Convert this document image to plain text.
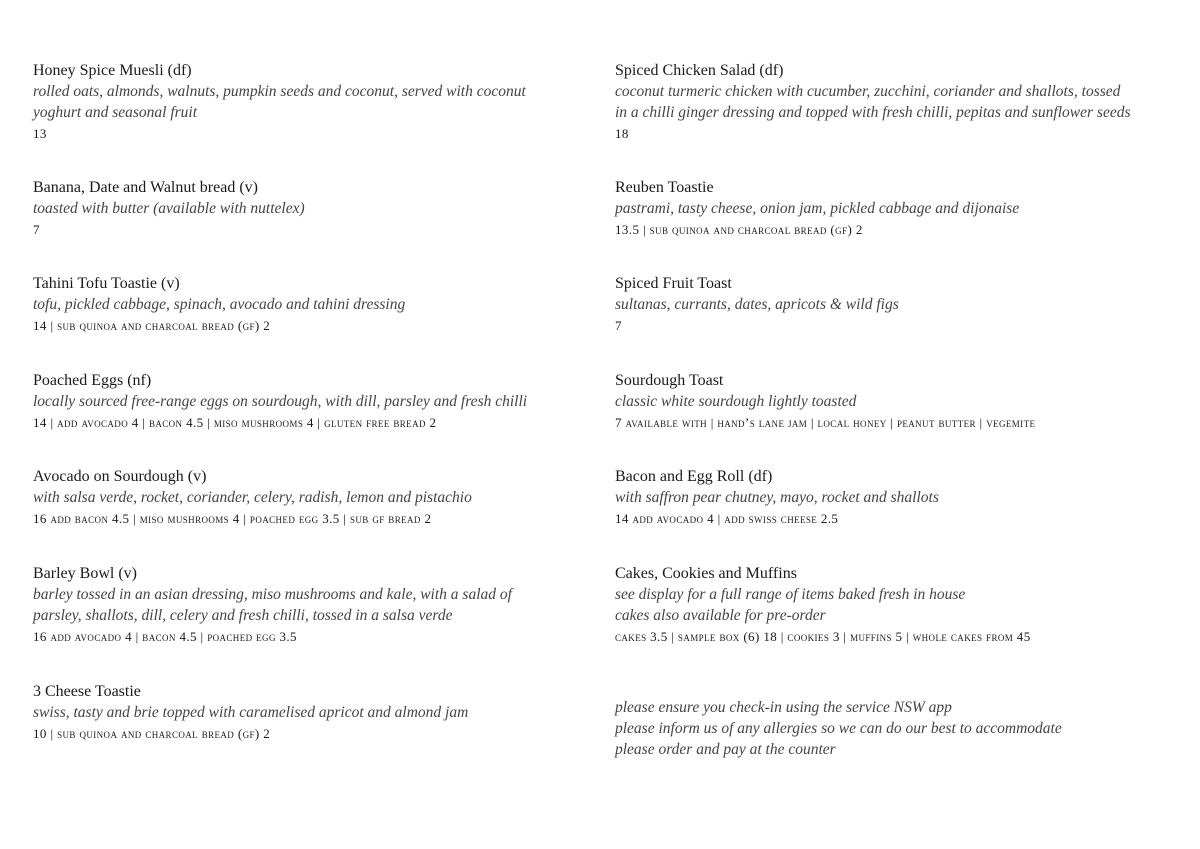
Honey Spice Muesli (df)
rolled oats, almonds, walnuts, pumpkin seeds and coconut, served with coconut
yoghurt and seasonal fruit
13
Banana, Date and Walnut bread (v)
toasted with butter (available with nuttelex)
7
Tahini Tofu Toastie (v)
tofu, pickled cabbage, spinach, avocado and tahini dressing
14 | sub quinoa and charcoal bread (gf) 2
Poached Eggs (nf)
locally sourced free-range eggs on sourdough, with dill, parsley and fresh chilli
14 | add avocado 4 | bacon 4.5 | miso mushrooms 4 | gluten free bread 2
Avocado on Sourdough (v)
with salsa verde, rocket, coriander, celery, radish, lemon and pistachio
16 add bacon 4.5 | miso mushrooms 4 | poached egg 3.5 | sub gf bread 2
Barley Bowl (v)
barley tossed in an asian dressing, miso mushrooms and kale, with a salad of
parsley, shallots, dill, celery and fresh chilli, tossed in a salsa verde
16 add avocado 4 | bacon 4.5 | poached egg 3.5
3 Cheese Toastie
swiss, tasty and brie topped with caramelised apricot and almond jam
10 | sub quinoa and charcoal bread (gf) 2
Spiced Chicken Salad (df)
coconut turmeric chicken with cucumber, zucchini, coriander and shallots, tossed
in a chilli ginger dressing and topped with fresh chilli, pepitas and sunflower seeds
18
Reuben Toastie
pastrami, tasty cheese, onion jam, pickled cabbage and dijonaise
13.5 | sub quinoa and charcoal bread (gf) 2
Spiced Fruit Toast
sultanas, currants, dates, apricots & wild figs
7
Sourdough Toast
classic white sourdough lightly toasted
7 available with | hand’s lane jam | local honey | peanut butter | vegemite
Bacon and Egg Roll (df)
with saffron pear chutney, mayo, rocket and shallots
14 add avocado 4 | add swiss cheese 2.5
Cakes, Cookies and Muffins
see display for a full range of items baked fresh in house
cakes also available for pre-order
cakes 3.5 | sample box (6) 18 | cookies 3 | muffins 5 | whole cakes from 45
please ensure you check-in using the service NSW app
please inform us of any allergies so we can do our best to accommodate
please order and pay at the counter
